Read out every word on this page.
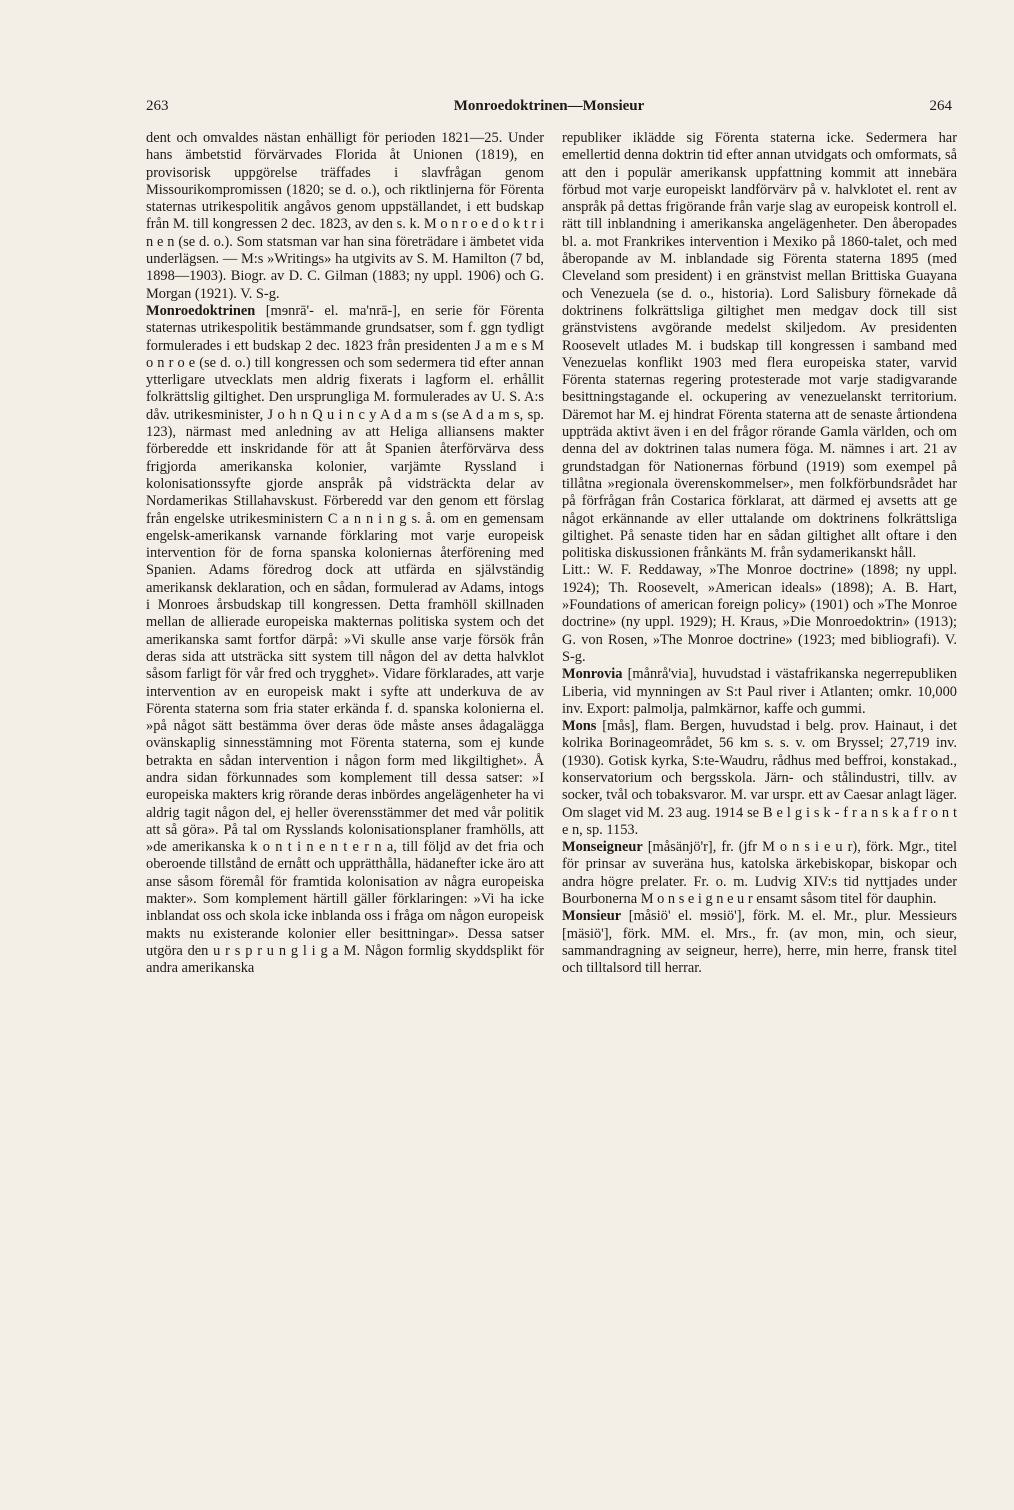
263	Monroedoktrinen—Monsieur	264

dent och omvaldes nästan enhälligt för perioden 1821—25. Under hans ämbetstid förvärvades Florida åt Unionen (1819), en provisorisk uppgörelse träffades i slavfrågan genom Missourikompromissen (1820; se d. o.), och riktlinjerna för Förenta staternas utrikespolitik angåvos genom uppställandet, i ett budskap från M. till kongressen 2 dec. 1823, av den s. k. M o n r o e d o k t r i n e n (se d. o.). Som statsman var han sina företrädare i ämbetet vida underlägsen. — M:s »Writings» ha utgivits av S. M. Hamilton (7 bd, 1898—1903). Biogr. av D. C. Gilman (1883; ny uppl. 1906) och G. Morgan (1921). V. S-g.

Monroedoktrinen [mɘnrā'- el. ma'nrā-], en serie för Förenta staternas utrikespolitik bestämmande grundsatser, som f. ggn tydligt formulerades i ett budskap 2 dec. 1823 från presidenten J a m e s M o n r o e (se d. o.) till kongressen och som sedermera tid efter annan ytterligare utvecklats men aldrig fixerats i lagform el. erhållit folkrättslig giltighet. Den ursprungliga M. formulerades av U. S. A:s dåv. utrikesminister, J o h n Q u i n c y A d a m s (se A d a m s, sp. 123), närmast med anledning av att Heliga alliansens makter förberedde ett inskridande för att åt Spanien återförvärva dess frigjorda amerikanska kolonier, varjämte Ryssland i kolonisationssyfte gjorde anspråk på vidsträckta delar av Nordamerikas Stillahavskust. Förberedd var den genom ett förslag från engelske utrikesministern C a n n i n g s. å. om en gemensam engelsk-amerikansk varnande förklaring mot varje europeisk intervention för de forna spanska koloniernas återförening med Spanien. Adams föredrog dock att utfärda en självständig amerikansk deklaration, och en sådan, formulerad av Adams, intogs i Monroes årsbudskap till kongressen. Detta framhöll skillnaden mellan de allierade europeiska makternas politiska system och det amerikanska samt fortfor därpå: »Vi skulle anse varje försök från deras sida att utsträcka sitt system till någon del av detta halvklot såsom farligt för vår fred och trygghet». Vidare förklarades, att varje intervention av en europeisk makt i syfte att underkuva de av Förenta staterna som fria stater erkända f. d. spanska kolonierna el. »på något sätt bestämma över deras öde måste anses ådagalägga ovänskaplig sinnesstämning mot Förenta staterna, som ej kunde betrakta en sådan intervention i någon form med likgiltighet». Å andra sidan förkunnades som komplement till dessa satser: »I europeiska makters krig rörande deras inbördes angelägenheter ha vi aldrig tagit någon del, ej heller överensstämmer det med vår politik att så göra». På tal om Rysslands kolonisationsplaner framhölls, att »de amerikanska k o n t i n e n t e r n a, till följd av det fria och oberoende tillstånd de ernått och upprätthålla, hädanefter icke äro att anse såsom föremål för framtida kolonisation av några europeiska makter». Som komplement härtill gäller förklaringen: »Vi ha icke inblandat oss och skola icke inblanda oss i fråga om någon europeisk makts nu existerande kolonier eller besittningar». Dessa satser utgöra den u r s p r u n g l i g a M. Någon formlig skyddsplikt för andra amerikanska

republiker iklädde sig Förenta staterna icke. Sedermera har emellertid denna doktrin tid efter annan utvidgats och omformats, så att den i populär amerikansk uppfattning kommit att innebära förbud mot varje europeiskt landförvärv på v. halvklotet el. rent av anspråk på dettas frigörande från varje slag av europeisk kontroll el. rätt till inblandning i amerikanska angelägenheter. Den åberopades bl. a. mot Frankrikes intervention i Mexiko på 1860-talet, och med åberopande av M. inblandade sig Förenta staterna 1895 (med Cleveland som president) i en gränstvist mellan Brittiska Guayana och Venezuela (se d. o., historia). Lord Salisbury förnekade då doktrinens folkrättsliga giltighet men medgav dock till sist gränstvistens avgörande medelst skiljedom. Av presidenten Roosevelt utlades M. i budskap till kongressen i samband med Venezuelas konflikt 1903 med flera europeiska stater, varvid Förenta staternas regering protesterade mot varje stadigvarande besittningstagande el. ockupering av venezuelanskt territorium. Däremot har M. ej hindrat Förenta staterna att de senaste årtiondena uppträda aktivt även i en del frågor rörande Gamla världen, och om denna del av doktrinen talas numera föga. M. nämnes i art. 21 av grundstadgan för Nationernas förbund (1919) som exempel på tillåtna »regionala överenskommelser», men folkförbundsrådet har på förfrågan från Costarica förklarat, att därmed ej avsetts att ge något erkännande av eller uttalande om doktrinens folkrättsliga giltighet. På senaste tiden har en sådan giltighet allt oftare i den politiska diskussionen frånkänts M. från sydamerikanskt håll.

Litt.: W. F. Reddaway, »The Monroe doctrine» (1898; ny uppl. 1924); Th. Roosevelt, »American ideals» (1898); A. B. Hart, »Foundations of american foreign policy» (1901) och »The Monroe doctrine» (ny uppl. 1929); H. Kraus, »Die Monroedoktrin» (1913); G. von Rosen, »The Monroe doctrine» (1923; med bibliografi). V. S-g.

Monrovia [månrå'via], huvudstad i västafrikanska negerrepubliken Liberia, vid mynningen av S:t Paul river i Atlanten; omkr. 10,000 inv. Export: palmolja, palmkärnor, kaffe och gummi.

Mons [mås], flam. Bergen, huvudstad i belg. prov. Hainaut, i det kolrika Borinageområdet, 56 km s. s. v. om Bryssel; 27,719 inv. (1930). Gotisk kyrka, S:te-Waudru, rådhus med beffroi, konstakad., konservatorium och bergsskola. Järn- och stålindustri, tillv. av socker, tvål och tobaksvaror. M. var urspr. ett av Caesar anlagt läger. Om slaget vid M. 23 aug. 1914 se B e l g i s k - f r a n s k a f r o n t e n, sp. 1153.

Monseigneur [måsänjö'r], fr. (jfr M o n s i e u r), förk. Mgr., titel för prinsar av suveräna hus, katolska ärkebiskopar, biskopar och andra högre prelater. Fr. o. m. Ludvig XIV:s tid nyttjades under Bourbonerna M o n s e i g n e u r ensamt såsom titel för dauphin.

Monsieur [måsiö' el. mɘsiö'], förk. M. el. Mr., plur. Messieurs [mäsiö'], förk. MM. el. Mrs., fr. (av mon, min, och sieur, sammandragning av seigneur, herre), herre, min herre, fransk titel och tilltalsord till herrar.
